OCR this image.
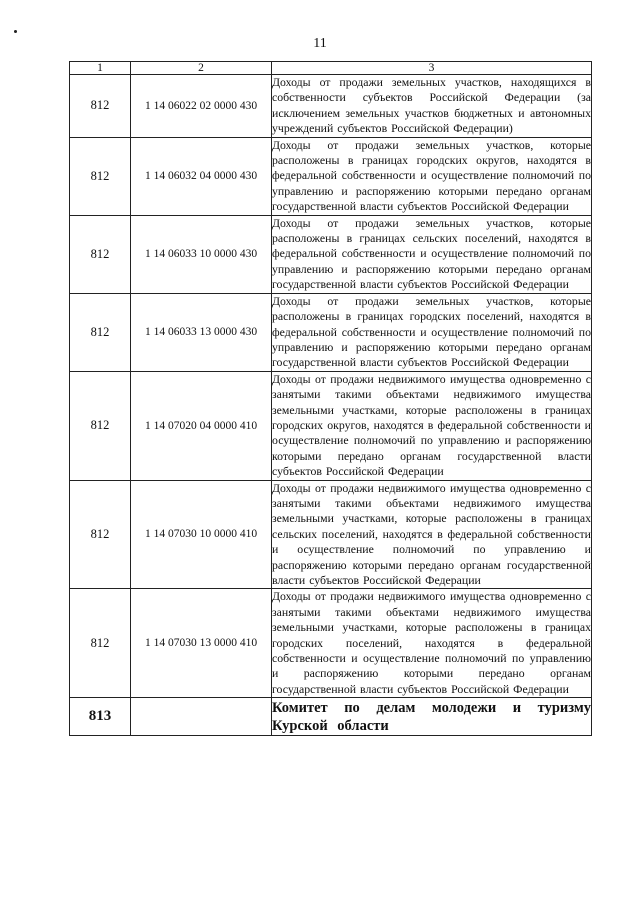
11
1	2	3
812	1 14 06022 02 0000 430	Доходы от продажи земельных участков, находящихся в собственности субъектов Российской Федерации (за исключением земельных участков бюджетных и автономных учреждений субъектов Российской Федерации)
812	1 14 06032 04 0000 430	Доходы от продажи земельных участков, которые расположены в границах городских округов, находятся в федеральной собственности и осуществление полномочий по управлению и распоряжению которыми передано органам государственной власти субъектов Российской Федерации
812	1 14 06033 10 0000 430	Доходы от продажи земельных участков, которые расположены в границах сельских поселений, находятся в федеральной собственности и осуществление полномочий по управлению и распоряжению которыми передано органам государственной власти субъектов Российской Федерации
812	1 14 06033 13 0000 430	Доходы от продажи земельных участков, которые расположены в границах городских поселений, находятся в федеральной собственности и осуществление полномочий по управлению и распоряжению которыми передано органам государственной власти субъектов Российской Федерации
812	1 14 07020 04 0000 410	Доходы от продажи недвижимого имущества одновременно с занятыми такими объектами недвижимого имущества земельными участками, которые расположены в границах городских округов, находятся в федеральной собственности и осуществление полномочий по управлению и распоряжению которыми передано органам государственной власти субъектов Российской Федерации
812	1 14 07030 10 0000 410	Доходы от продажи недвижимого имущества одновременно с занятыми такими объектами недвижимого имущества земельными участками, которые расположены в границах сельских поселений, находятся в федеральной собственности и осуществление полномочий по управлению и распоряжению которыми передано органам государственной власти субъектов Российской Федерации
812	1 14 07030 13 0000 410	Доходы от продажи недвижимого имущества одновременно с занятыми такими объектами недвижимого имущества земельными участками, которые расположены в границах городских поселений, находятся в федеральной собственности и осуществление полномочий по управлению и распоряжению которыми передано органам государственной власти субъектов Российской Федерации
813		Комитет по делам молодежи и туризму Курской области
